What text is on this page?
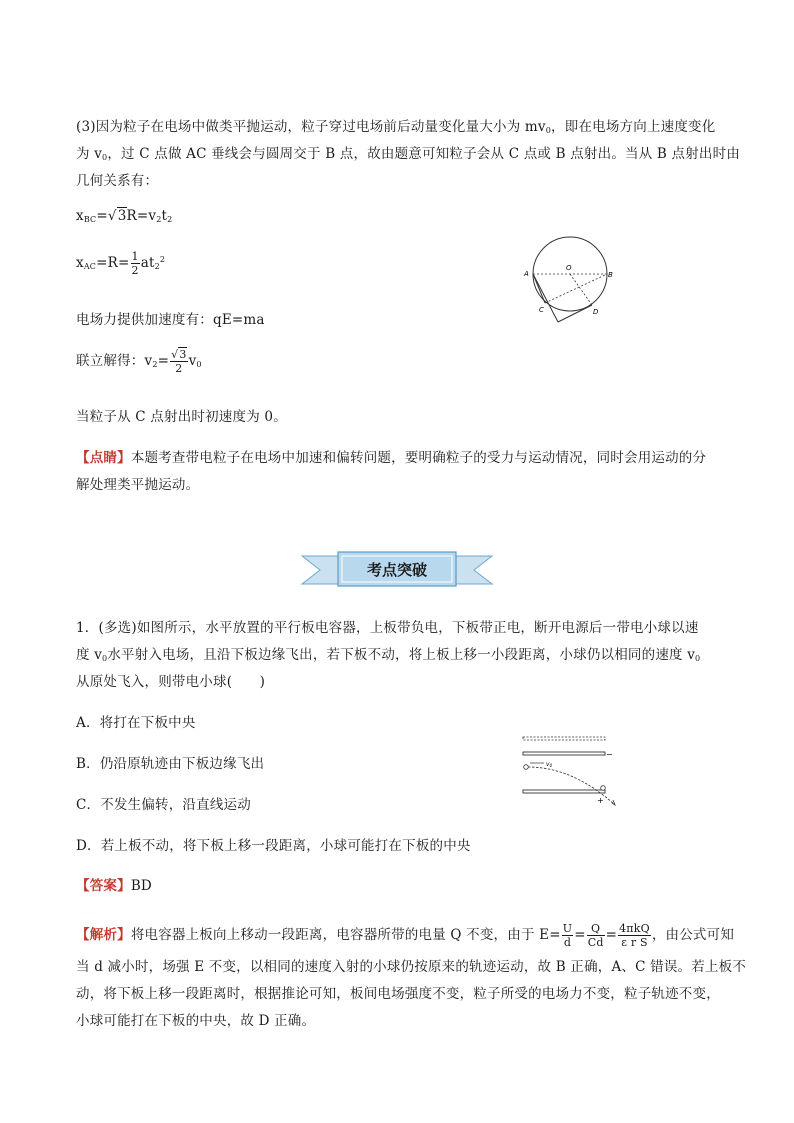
(3)因为粒子在电场中做类平抛运动，粒子穿过电场前后动量变化量大小为 $mv_0$，即在电场方向上速度变化
为 $v_0$，过 C 点做 AC 垂线会与圆周交于 B 点，故由题意可知粒子会从 C 点或 B 点射出。当从 B 点射出时由
几何关系有：
$x_{BC}=√3R=v_2t_2$
$x_{AC}=R= \frac{1}{2} at_2^2$
电场力提供加速度有：qE=ma
联立解得：$v_2= \frac{√3}{2} v_0$
当粒子从 C 点射出时初速度为 0。
【点睛】本题考查带电粒子在电场中加速和偏转问题，要明确粒子的受力与运动情况，同时会用运动的分
解处理类平抛运动。
A
O
B
C	D
考点突破
1．(多选)如图所示，水平放置的平行板电容器，上板带负电，下板带正电，断开电源后一带电小球以速
度 $v_0$水平射入电场，且沿下板边缘飞出，若下板不动，将上板上移一小段距离，小球仍以相同的速度 $v_0$
从原处飞入，则带电小球(　　)
A．将打在下板中央
B．仍沿原轨迹由下板边缘飞出
C．不发生偏转，沿直线运动
D．若上板不动，将下板上移一段距离，小球可能打在下板的中央
−
v0
+
【答案】BD
【解析】将电容器上板向上移动一段距离，电容器所带的电量 Q 不变，由于 $E= \frac{U}{d} = \frac{Q}{Cd} = \frac{\text{4πkQ}}{\text{ε r S}}$ ，由公式可知
当 d 减小时，场强 E 不变，以相同的速度入射的小球仍按原来的轨迹运动，故 B 正确，A、C 错误。若上板不
动，将下板上移一段距离时，根据推论可知，板间电场强度不变，粒子所受的电场力不变，粒子轨迹不变，
小球可能打在下板的中央，故 D 正确。
